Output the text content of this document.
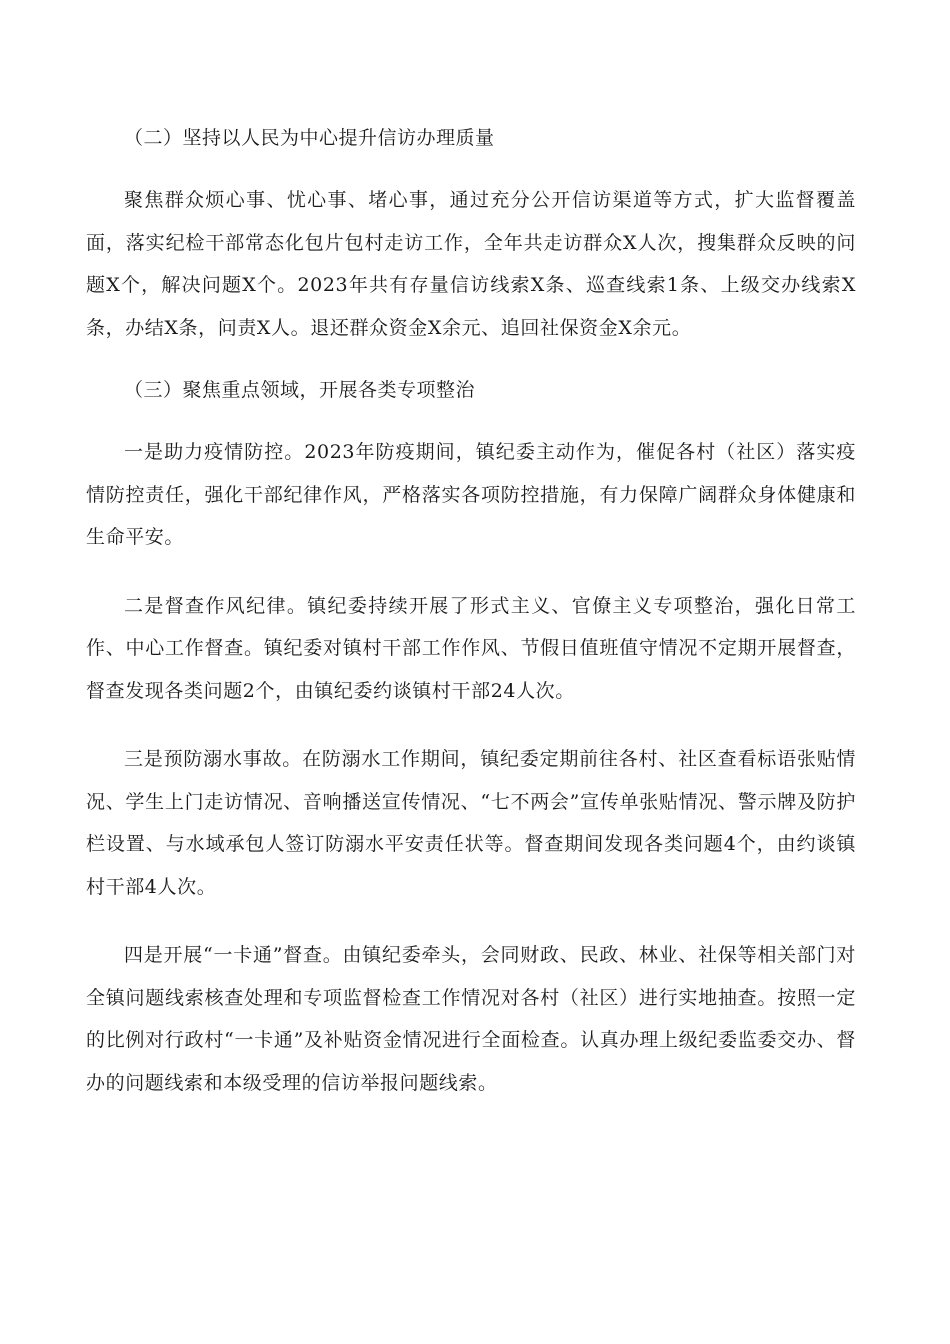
（二）坚持以人民为中心提升信访办理质量

聚焦群众烦心事、忧心事、堵心事，通过充分公开信访渠道等方式，扩大监督覆盖面，落实纪检干部常态化包片包村走访工作，全年共走访群众X人次，搜集群众反映的问题X个，解决问题X个。2023年共有存量信访线索X条、巡查线索1条、上级交办线索X条，办结X条，问责X人。退还群众资金X余元、追回社保资金X余元。

（三）聚焦重点领域，开展各类专项整治

一是助力疫情防控。2023年防疫期间，镇纪委主动作为，催促各村（社区）落实疫情防控责任，强化干部纪律作风，严格落实各项防控措施，有力保障广阔群众身体健康和生命平安。

二是督查作风纪律。镇纪委持续开展了形式主义、官僚主义专项整治，强化日常工作、中心工作督查。镇纪委对镇村干部工作作风、节假日值班值守情况不定期开展督查，督查发现各类问题2个，由镇纪委约谈镇村干部24人次。

三是预防溺水事故。在防溺水工作期间，镇纪委定期前往各村、社区查看标语张贴情况、学生上门走访情况、音响播送宣传情况、“七不两会”宣传单张贴情况、警示牌及防护栏设置、与水域承包人签订防溺水平安责任状等。督查期间发现各类问题4个，由约谈镇村干部4人次。

四是开展“一卡通”督查。由镇纪委牵头，会同财政、民政、林业、社保等相关部门对全镇问题线索核查处理和专项监督检查工作情况对各村（社区）进行实地抽查。按照一定的比例对行政村“一卡通”及补贴资金情况进行全面检查。认真办理上级纪委监委交办、督办的问题线索和本级受理的信访举报问题线索。
